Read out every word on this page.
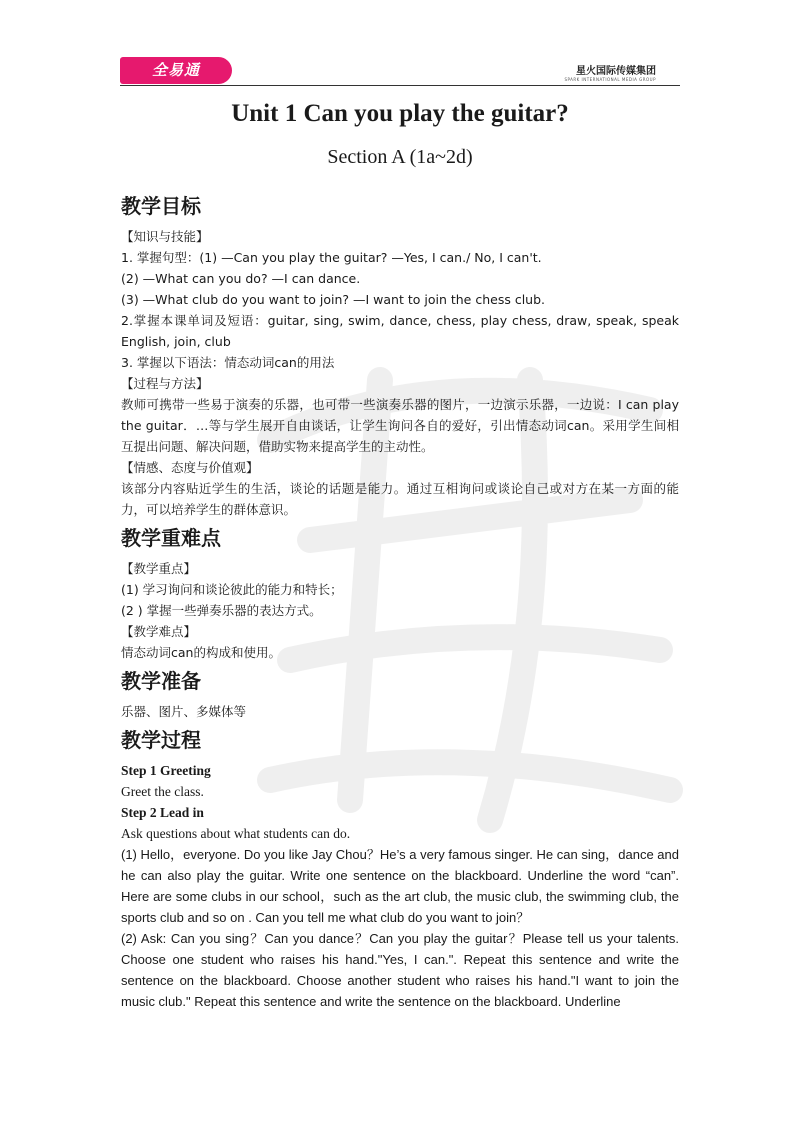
全易通	星火国际传媒集团
SPARK INTERNATIONAL MEDIA GROUP
Unit 1 Can you play the guitar?
Section A (1a~2d)
教学目标

【知识与技能】

1. 掌握句型：(1) —Can you play the guitar? —Yes, I can./ No, I can't.

(2) —What can you do? —I can dance.

(3) —What club do you want to join? —I want to join the chess club.

2.掌握本课单词及短语：guitar, sing, swim, dance, chess, play chess, draw, speak, speak English, join, club

3. 掌握以下语法：情态动词can的用法

【过程与方法】

教师可携带一些易于演奏的乐器，也可带一些演奏乐器的图片，一边演示乐器，一边说：I can play the guitar．…等与学生展开自由谈话，让学生询问各自的爱好，引出情态动词can。采用学生间相互提出问题、解决问题，借助实物来提高学生的主动性。

【情感、态度与价值观】

该部分内容贴近学生的生活，谈论的话题是能力。通过互相询问或谈论自己或对方在某一方面的能力，可以培养学生的群体意识。

教学重难点

【教学重点】

(1) 学习询问和谈论彼此的能力和特长；

(2 ) 掌握一些弹奏乐器的表达方式。

【教学难点】

情态动词can的构成和使用。

教学准备

乐器、图片、多媒体等

教学过程

Step 1 Greeting

Greet the class.

Step 2 Lead in

Ask questions about what students can do.

(1) Hello，everyone. Do you like Jay Chou？He’s a very famous singer. He can sing，dance and he can also play the guitar. Write one sentence on the blackboard. Underline the word “can”. Here are some clubs in our school，such as the art club, the music club, the swimming club, the sports club and so on . Can you tell me what club do you want to join？

(2) Ask: Can you sing？Can you dance？Can you play the guitar？Please tell us your talents. Choose one student who raises his hand."Yes, I can.". Repeat this sentence and write the sentence on the blackboard. Choose another student who raises his hand."I want to join the music club." Repeat this sentence and write the sentence on the blackboard. Underline
